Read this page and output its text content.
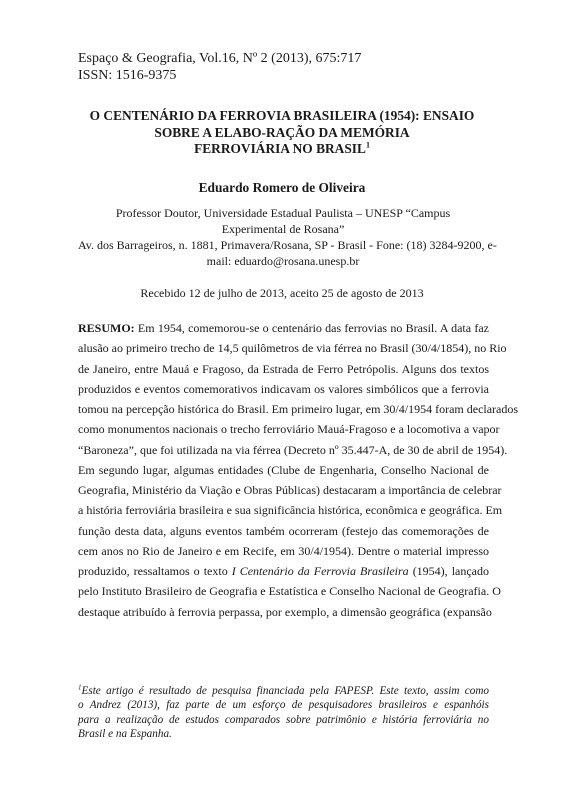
Espaço & Geografia, Vol.16, Nº 2 (2013), 675:717
ISSN: 1516-9375
O CENTENÁRIO DA FERROVIA BRASILEIRA (1954): ENSAIO
SOBRE A ELABO-RAÇÃO DA MEMÓRIA
FERROVIÁRIA NO BRASIL$^1$
Eduardo Romero de Oliveira
Professor Doutor, Universidade Estadual Paulista – UNESP “Campus
Experimental de Rosana”
Av. dos Barrageiros, n. 1881, Primavera/Rosana, SP - Brasil - Fone: (18) 3284-9200, e-
mail: eduardo@rosana.unesp.br
Recebido 12 de julho de 2013, aceito 25 de agosto de 2013
RESUMO: Em 1954, comemorou-se o centenário das ferrovias no Brasil. A data faz
alusão ao primeiro trecho de 14,5 quilômetros de via férrea no Brasil (30/4/1854), no Rio
de Janeiro, entre Mauá e Fragoso, da Estrada de Ferro Petrópolis. Alguns dos textos
produzidos e eventos comemorativos indicavam os valores simbólicos que a ferrovia
tomou na percepção histórica do Brasil. Em primeiro lugar, em 30/4/1954 foram declarados
como monumentos nacionais o trecho ferroviário Mauá-Fragoso e a locomotiva a vapor
“Baroneza”, que foi utilizada na via férrea (Decreto nº 35.447-A, de 30 de abril de 1954).
Em segundo lugar, algumas entidades (Clube de Engenharia, Conselho Nacional de
Geografia, Ministério da Viação e Obras Públicas) destacaram a importância de celebrar
a história ferroviária brasileira e sua significância histórica, econômica e geográfica. Em
função desta data, alguns eventos também ocorreram (festejo das comemorações de
cem anos no Rio de Janeiro e em Recife, em 30/4/1954). Dentre o material impresso
produzido, ressaltamos o texto I Centenário da Ferrovia Brasileira (1954), lançado
pelo Instituto Brasileiro de Geografia e Estatística e Conselho Nacional de Geografia. O
destaque atribuído à ferrovia perpassa, por exemplo, a dimensão geográfica (expansão
$^1$Este artigo é resultado de pesquisa financiada pela FAPESP. Este texto, assim como
o Andrez (2013), faz parte de um esforço de pesquisadores brasileiros e espanhóis
para a realização de estudos comparados sobre patrimônio e história ferroviária no
Brasil e na Espanha.
